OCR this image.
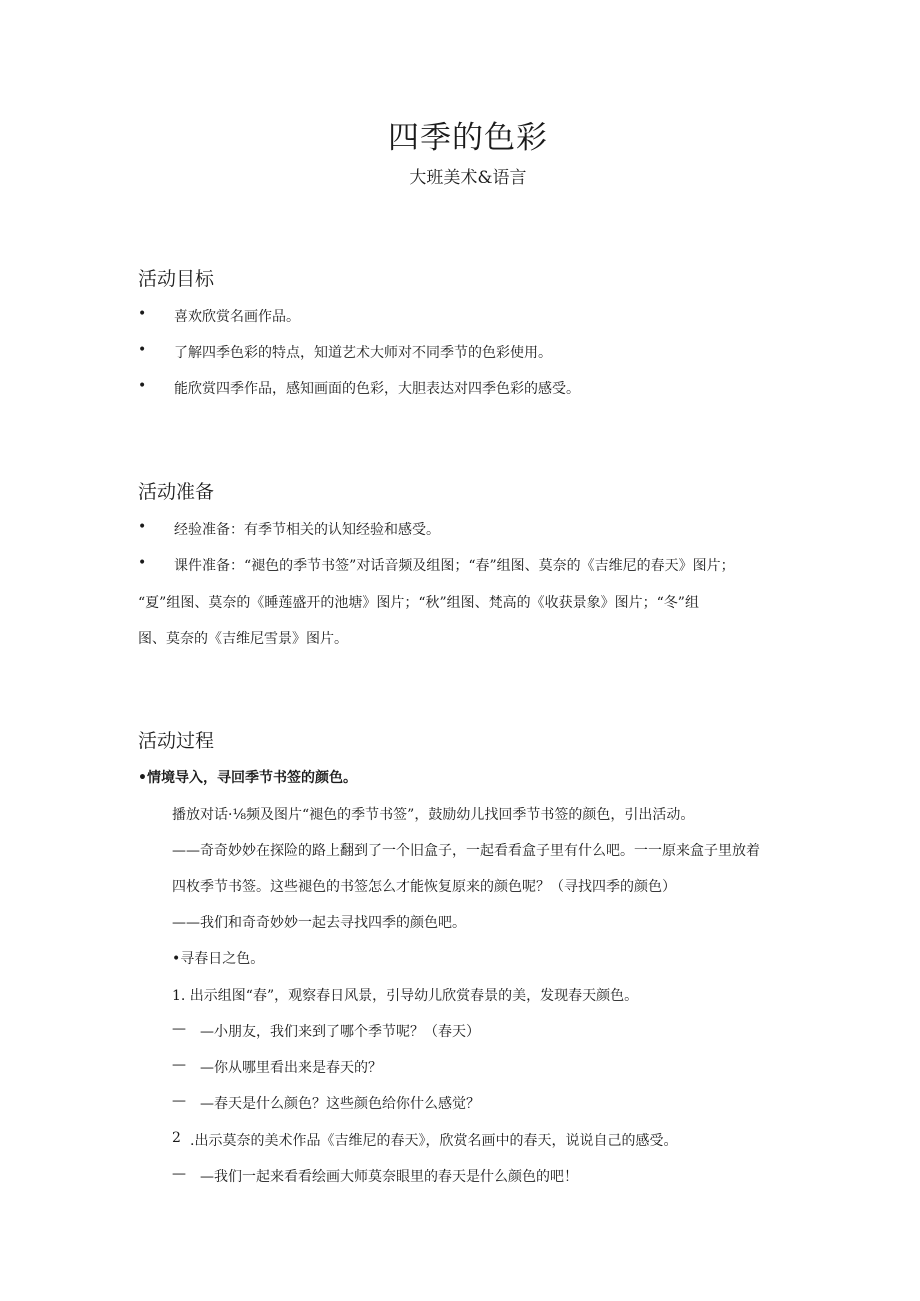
四季的色彩
大班美术&语言
活动目标
• 喜欢欣赏名画作品。
• 了解四季色彩的特点，知道艺术大师对不同季节的色彩使用。
• 能欣赏四季作品，感知画面的色彩，大胆表达对四季色彩的感受。
活动准备
• 经验准备：有季节相关的认知经验和感受。
• 课件准备：“褪色的季节书签”对话音频及组图；“春”组图、莫奈的《吉维尼的春天》图片；
“夏”组图、莫奈的《睡莲盛开的池塘》图片；“秋”组图、梵高的《收获景象》图片；“冬”组
图、莫奈的《吉维尼雪景》图片。
活动过程
•情境导入，寻回季节书签的颜色。
播放对话·⅛频及图片“褪色的季节书签”，鼓励幼儿找回季节书签的颜色，引出活动。
——奇奇妙妙在探险的路上翻到了一个旧盒子，一起看看盒子里有什么吧。一一原来盒子里放着
四枚季节书签。这些褪色的书签怎么才能恢复原来的颜色呢？（寻找四季的颜色）
——我们和奇奇妙妙一起去寻找四季的颜色吧。
•寻春日之色。
1. 出示组图“春”，观察春日风景，引导幼儿欣赏春景的美，发现春天颜色。
— —小朋友，我们来到了哪个季节呢？（春天）
— —你从哪里看出来是春天的？
— —春天是什么颜色？这些颜色给你什么感觉？
2 .出示莫奈的美术作品《吉维尼的春天》，欣赏名画中的春天，说说自己的感受。
— —我们一起来看看绘画大师莫奈眼里的春天是什么颜色的吧！
